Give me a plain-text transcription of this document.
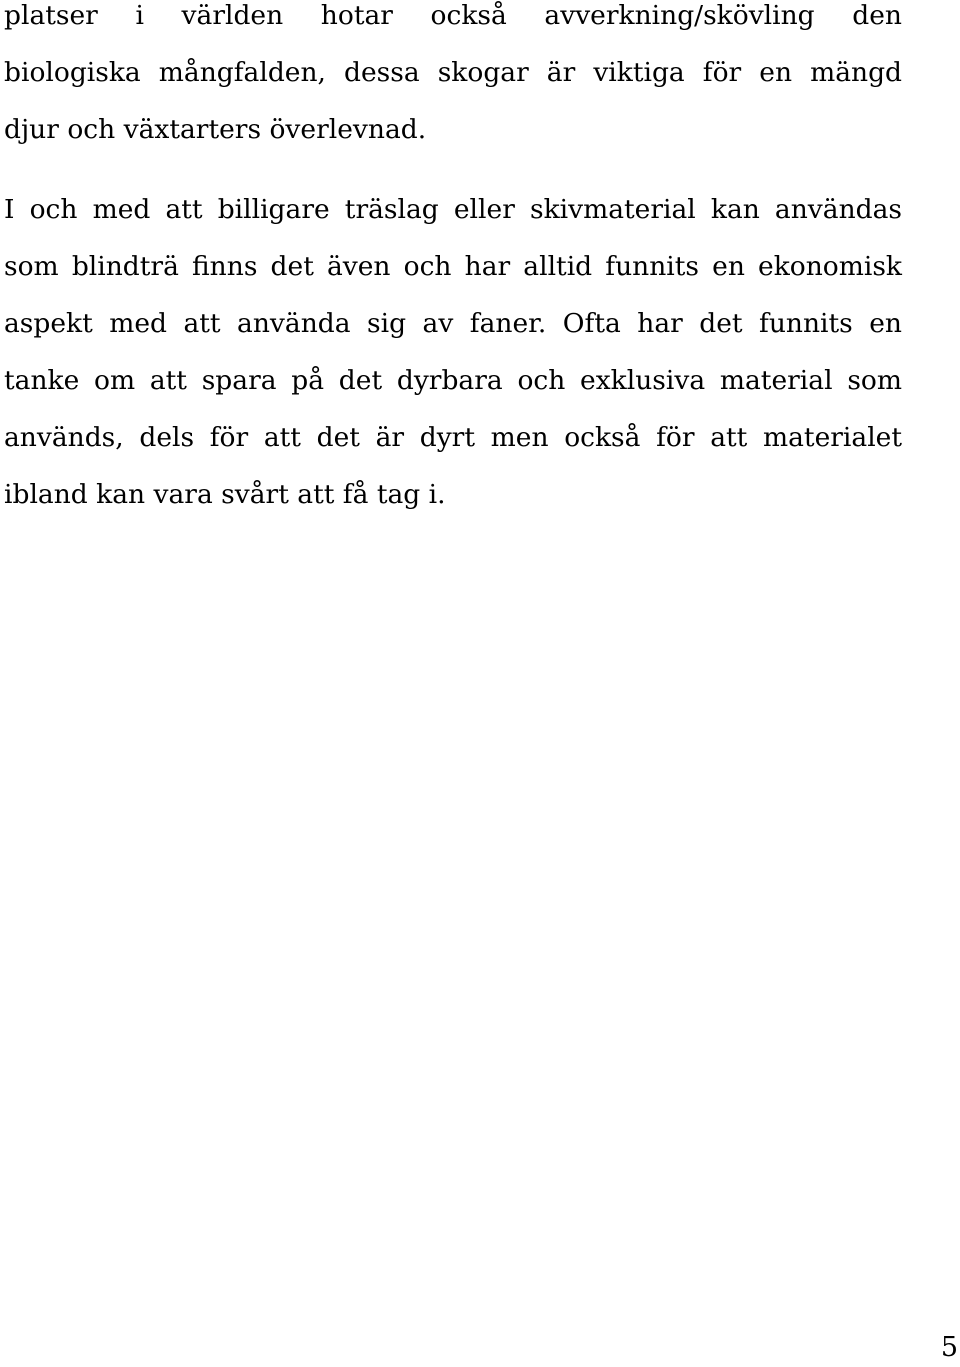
platser i världen hotar också avverkning/skövling den
biologiska mångfalden, dessa skogar är viktiga för en mängd
djur och växtarters överlevnad.
I och med att billigare träslag eller skivmaterial kan användas
som blindträ finns det även och har alltid funnits en ekonomisk
aspekt med att använda sig av faner. Ofta har det funnits en
tanke om att spara på det dyrbara och exklusiva material som
används, dels för att det är dyrt men också för att materialet
ibland kan vara svårt att få tag i.
5
